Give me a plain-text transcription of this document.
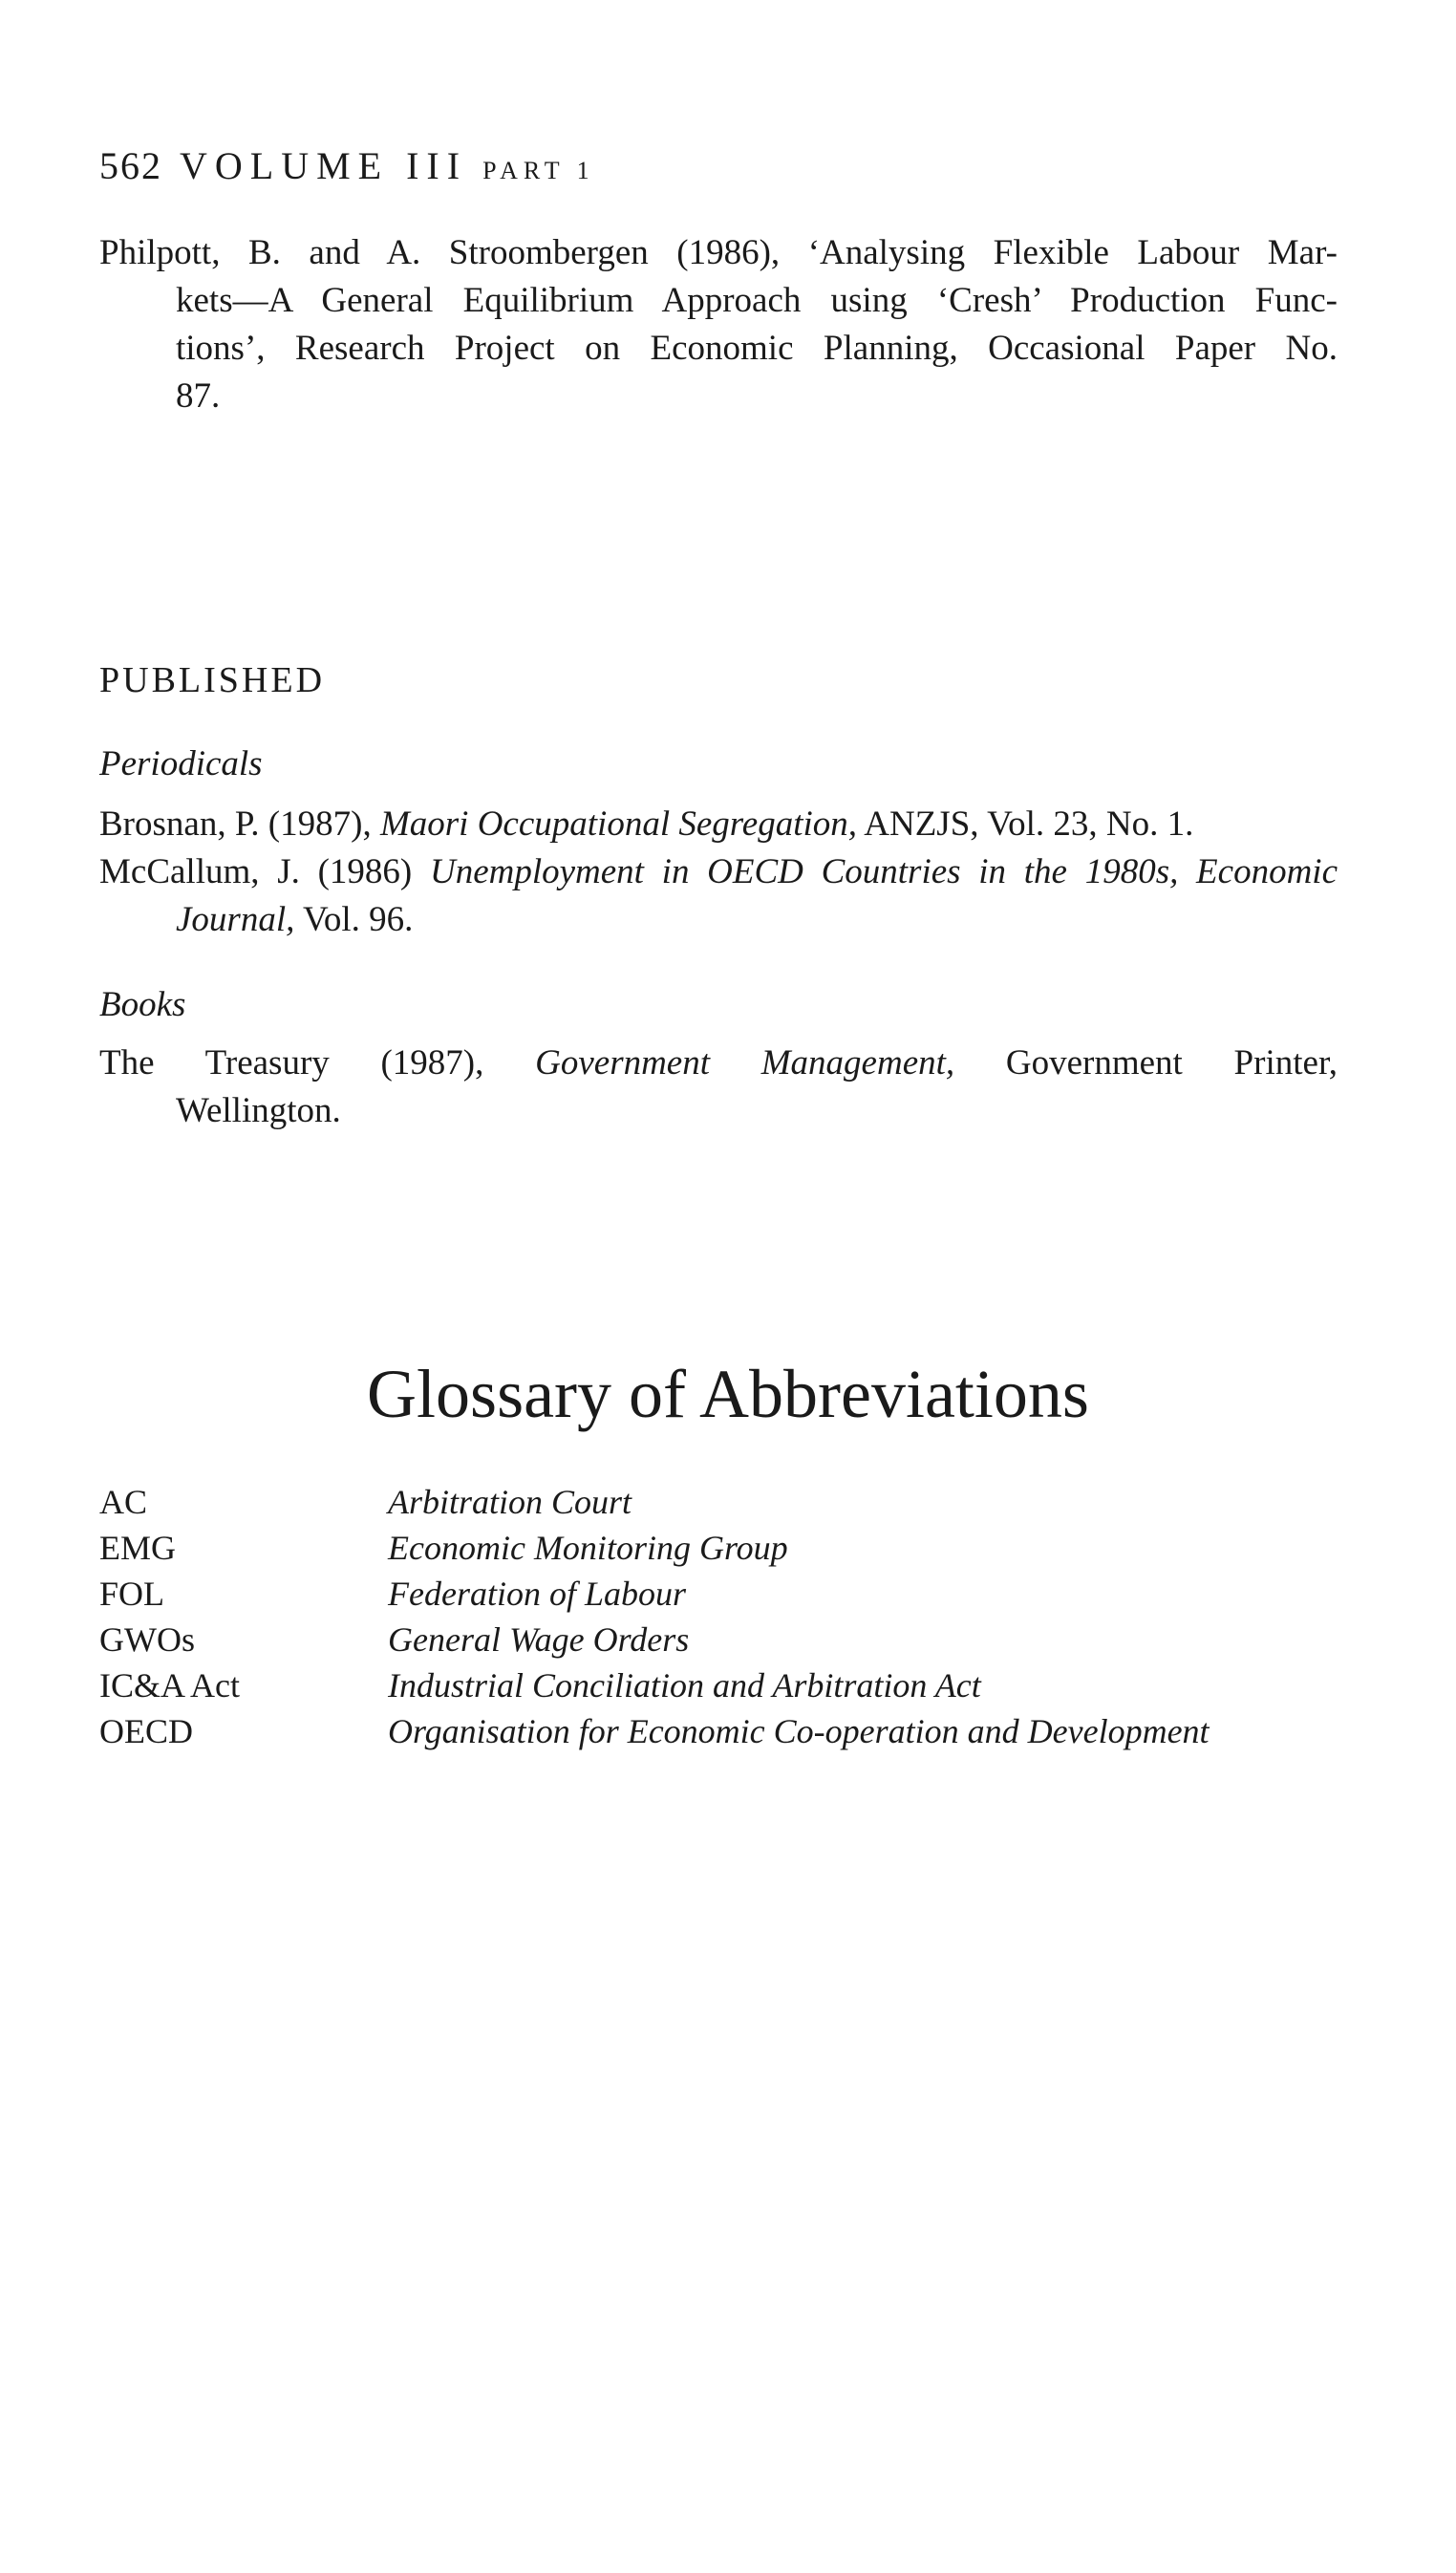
562 VOLUME III PART 1
Philpott, B. and A. Stroombergen (1986), ‘Analysing Flexible Labour Mar-
kets—A General Equilibrium Approach using ‘Cresh’ Production Func-
tions’, Research Project on Economic Planning, Occasional Paper No.
87.
PUBLISHED
Periodicals
Brosnan, P. (1987), Maori Occupational Segregation, ANZJS, Vol. 23, No. 1.
McCallum, J. (1986) Unemployment in OECD Countries in the 1980s, Economic
Journal, Vol. 96.
Books
The Treasury (1987), Government Management, Government Printer,
Wellington.
Glossary of Abbreviations
AC	Arbitration Court
EMG	Economic Monitoring Group
FOL	Federation of Labour
GWOs	General Wage Orders
IC&A Act	Industrial Conciliation and Arbitration Act
OECD	Organisation for Economic Co-operation and Development
